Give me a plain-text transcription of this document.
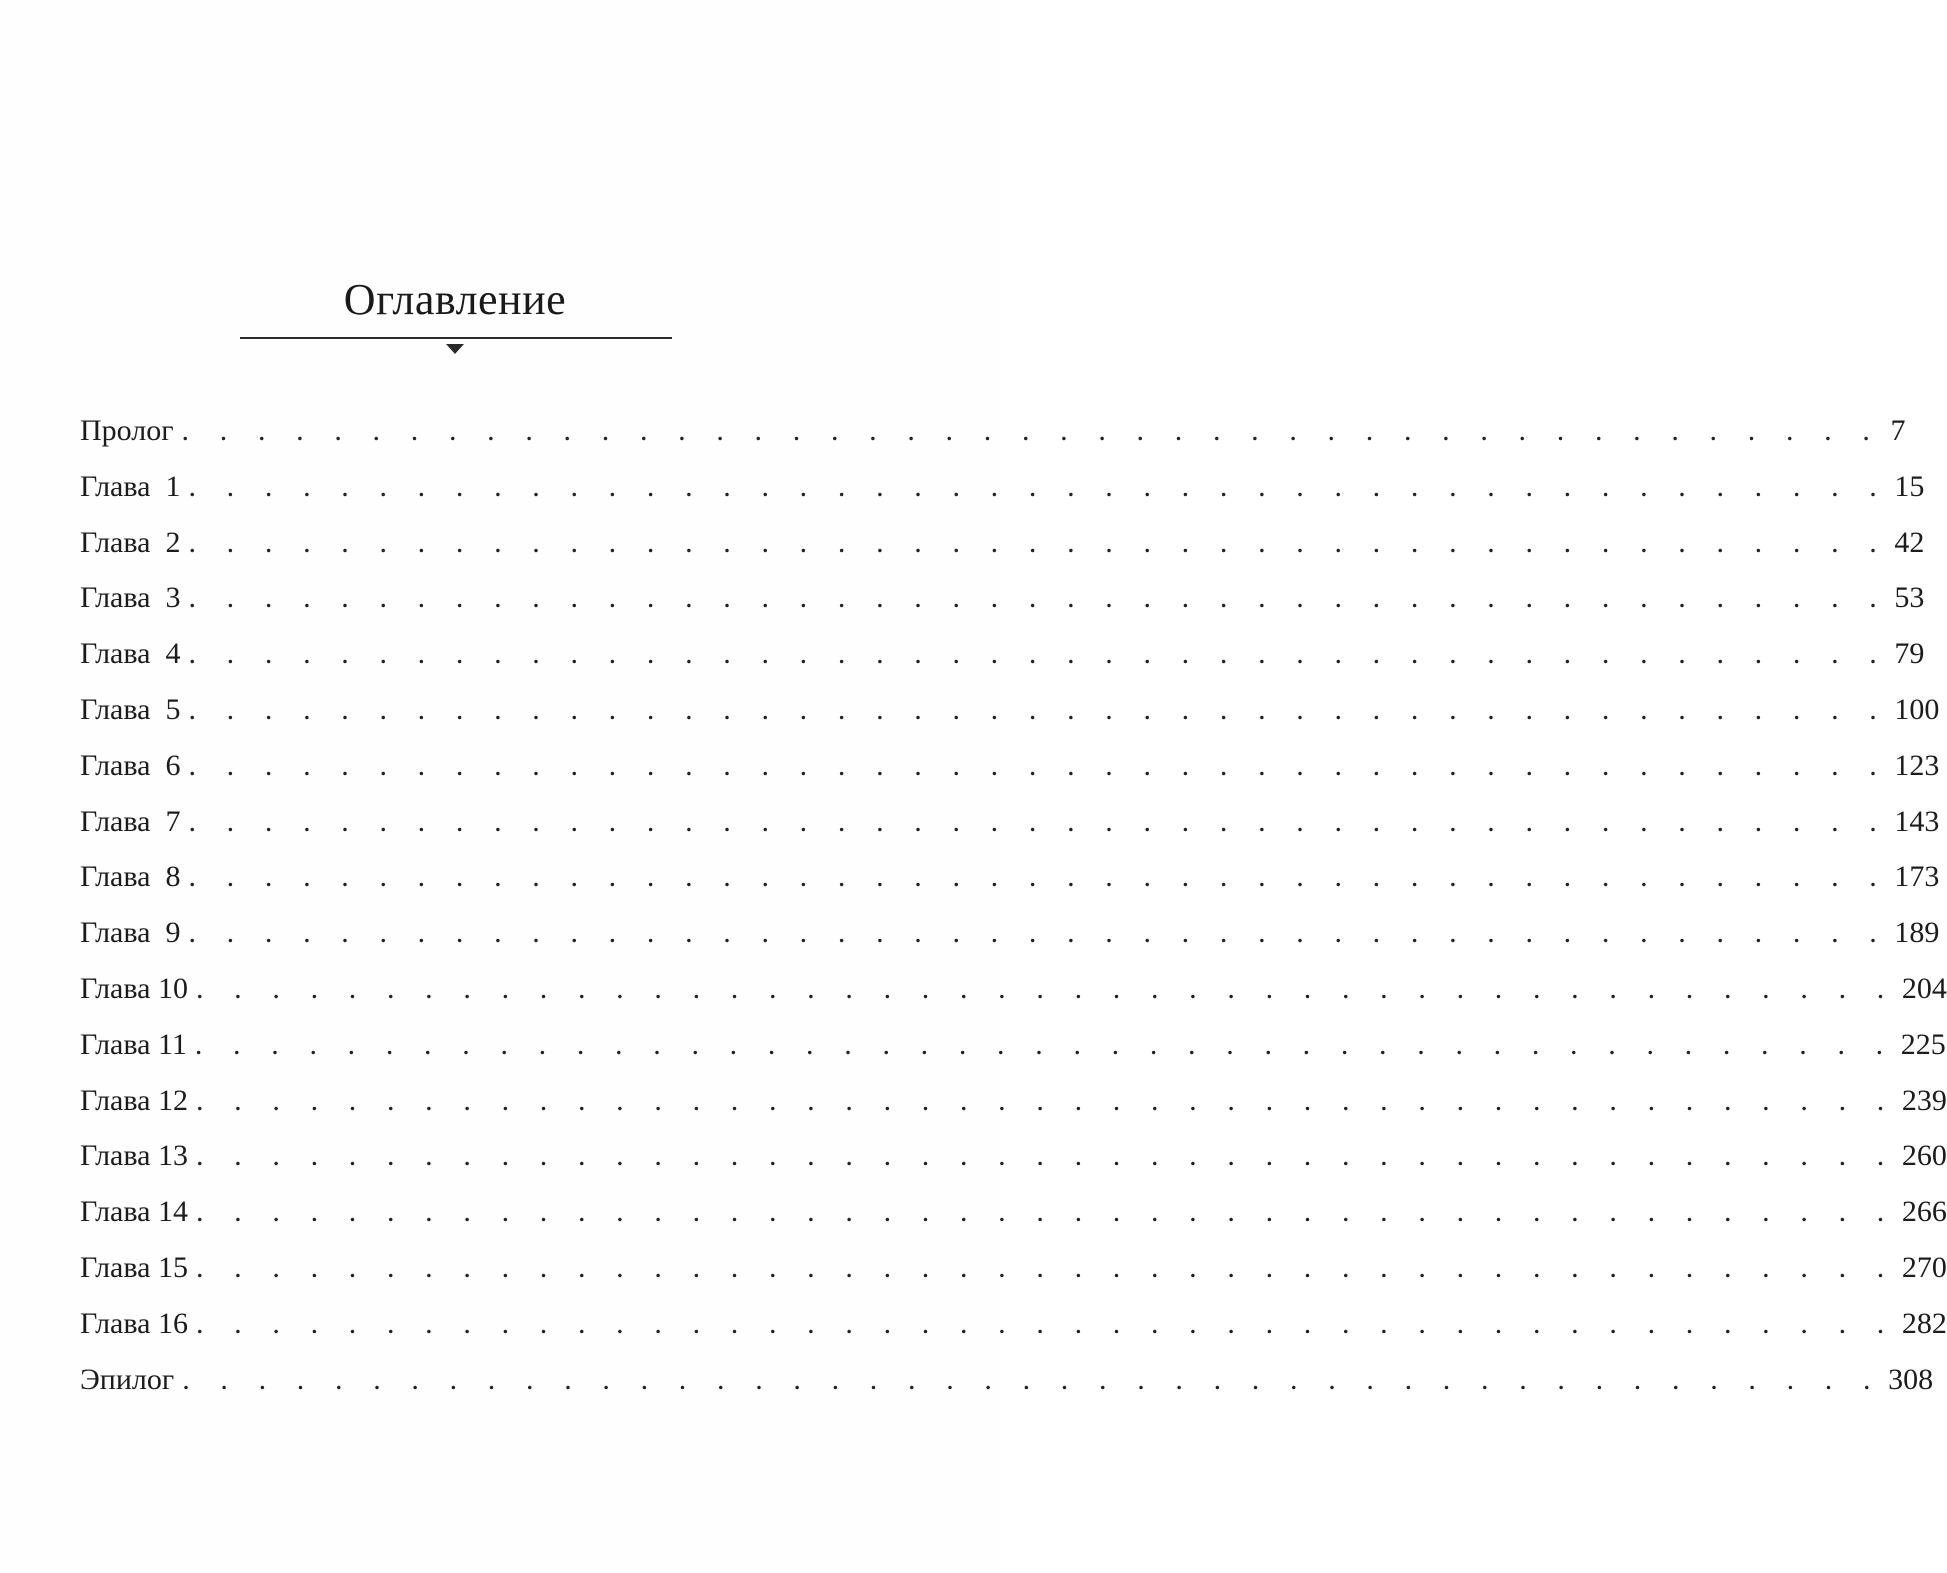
Оглавление
Пролог . . . . . . . . . . . . . . . . . . . . . . . . . . . . . . . . . . . . . . . . . . . . . 7
Глава  1 . . . . . . . . . . . . . . . . . . . . . . . . . . . . . . . . . . . . . . . . . . . . . 15
Глава  2 . . . . . . . . . . . . . . . . . . . . . . . . . . . . . . . . . . . . . . . . . . . . . 42
Глава  3 . . . . . . . . . . . . . . . . . . . . . . . . . . . . . . . . . . . . . . . . . . . . . 53
Глава  4 . . . . . . . . . . . . . . . . . . . . . . . . . . . . . . . . . . . . . . . . . . . . . 79
Глава  5 . . . . . . . . . . . . . . . . . . . . . . . . . . . . . . . . . . . . . . . . . . . . . 100
Глава  6 . . . . . . . . . . . . . . . . . . . . . . . . . . . . . . . . . . . . . . . . . . . . . 123
Глава  7 . . . . . . . . . . . . . . . . . . . . . . . . . . . . . . . . . . . . . . . . . . . . . 143
Глава  8 . . . . . . . . . . . . . . . . . . . . . . . . . . . . . . . . . . . . . . . . . . . . . 173
Глава  9 . . . . . . . . . . . . . . . . . . . . . . . . . . . . . . . . . . . . . . . . . . . . . 189
Глава 10 . . . . . . . . . . . . . . . . . . . . . . . . . . . . . . . . . . . . . . . . . . . . . 204
Глава 11 . . . . . . . . . . . . . . . . . . . . . . . . . . . . . . . . . . . . . . . . . . . . . 225
Глава 12 . . . . . . . . . . . . . . . . . . . . . . . . . . . . . . . . . . . . . . . . . . . . . 239
Глава 13 . . . . . . . . . . . . . . . . . . . . . . . . . . . . . . . . . . . . . . . . . . . . . 260
Глава 14 . . . . . . . . . . . . . . . . . . . . . . . . . . . . . . . . . . . . . . . . . . . . . 266
Глава 15 . . . . . . . . . . . . . . . . . . . . . . . . . . . . . . . . . . . . . . . . . . . . . 270
Глава 16 . . . . . . . . . . . . . . . . . . . . . . . . . . . . . . . . . . . . . . . . . . . . . 282
Эпилог . . . . . . . . . . . . . . . . . . . . . . . . . . . . . . . . . . . . . . . . . . . . . 308
